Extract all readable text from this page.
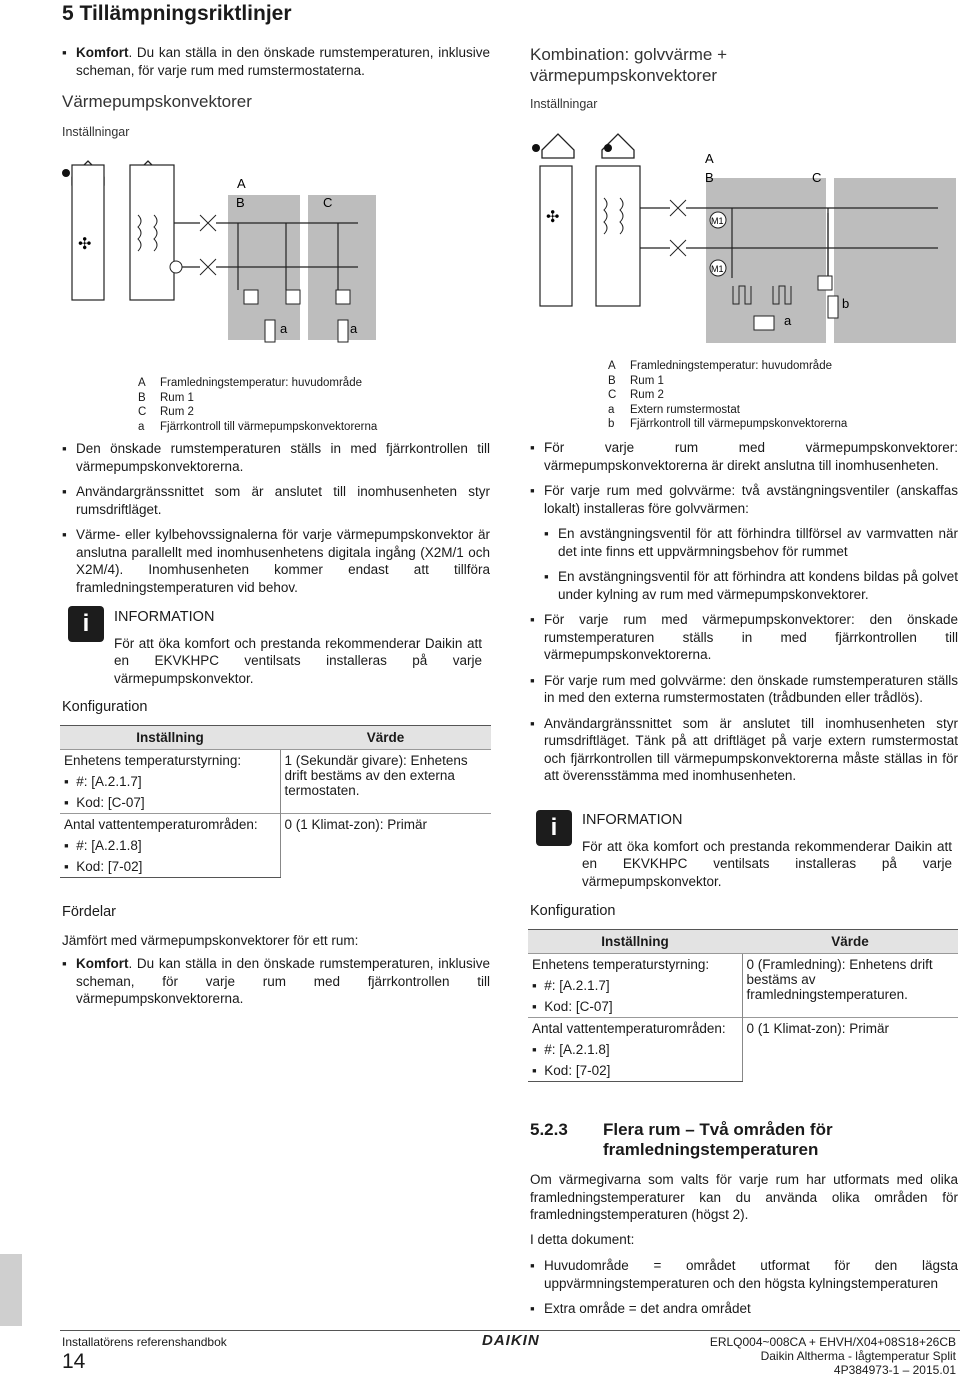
5 Tillämpningsriktlinjer
▪ Komfort. Du kan ställa in den önskade rumstemperaturen, inklusive scheman, för varje rum med rumstermostaterna.
Värmepumpskonvektorer
Inställningar
✣
A
B	C
a	a
A Framledningstemperatur: huvudområde
B Rum 1
C Rum 2
a Fjärrkontroll till värmepumpskonvektorerna
▪ Den önskade rumstemperaturen ställs in med fjärrkontrollen till värmepumpskonvektorerna.
▪ Användargränssnittet som är anslutet till inomhusenheten styr rumsdriftläget.
▪ Värme- eller kylbehovssignalerna för varje värmepumpskonvektor är anslutna parallellt med inomhusenhetens digitala ingång (X2M/1 och X2M/4). Inomhusenheten kommer endast att tillföra framledningstemperaturen vid behov.
i	INFORMATION
För att öka komfort och prestanda rekommenderar Daikin att en EKVKHPC ventilsats installeras på varje värmepumpskonvektor.
Konfiguration
Inställning	Värde
Enhetens temperaturstyrning:	1 (Sekundär givare): Enhetens drift bestäms av den externa termostaten.
▪  #: [A.2.1.7]	
▪  Kod: [C-07]	
Antal vattentemperaturområden:	0 (1 Klimat-zon): Primär
▪  #: [A.2.1.8]	
▪  Kod: [7-02]	
Fördelar
Jämfört med värmepumpskonvektorer för ett rum:
▪ Komfort. Du kan ställa in den önskade rumstemperaturen, inklusive scheman, för varje rum med fjärrkontrollen till värmepumpskonvektorerna.
Kombination: golvvärme + värmepumpskonvektorer
Inställningar
✣	M1
M1
A
B	C
a
b
A Framledningstemperatur: huvudområde
B Rum 1
C Rum 2
a Extern rumstermostat
b Fjärrkontroll till värmepumpskonvektorerna
▪ För varje rum med värmepumpskonvektorer: värmepumpskonvektorerna är direkt anslutna till inomhusenheten.
▪ För varje rum med golvvärme: två avstängningsventiler (anskaffas lokalt) installeras före golvvärmen:
▪ En avstängningsventil för att förhindra tillförsel av varmvatten när det inte finns ett uppvärmningsbehov för rummet
▪ En avstängningsventil för att förhindra att kondens bildas på golvet under kylning av rum med värmepumpskonvektorer.
▪ För varje rum med värmepumpskonvektorer: den önskade rumstemperaturen ställs in med fjärrkontrollen till värmepumpskonvektorerna.
▪ För varje rum med golvvärme: den önskade rumstemperaturen ställs in med den externa rumstermostaten (trådbunden eller trådlös).
▪ Användargränssnittet som är anslutet till inomhusenheten styr rumsdriftläget. Tänk på att driftläget på varje extern rumstermostat och fjärrkontrollen till värmepumpskonvektorerna måste ställas in för att överensstämma med inomhusenheten.
i	INFORMATION
För att öka komfort och prestanda rekommenderar Daikin att en EKVKHPC ventilsats installeras på varje värmepumpskonvektor.
Konfiguration
Inställning	Värde
Enhetens temperaturstyrning:	0 (Framledning): Enhetens drift bestäms av framledningstemperaturen.
▪  #: [A.2.1.7]	
▪  Kod: [C-07]	
Antal vattentemperaturområden:	0 (1 Klimat-zon): Primär
▪  #: [A.2.1.8]	
▪  Kod: [7-02]	
5.2.3 Flera rum – Två områden för framledningstemperaturen
Om värmegivarna som valts för varje rum har utformats med olika framledningstemperaturer kan du använda olika områden för framledningstemperaturen (högst 2).
I detta dokument:
▪ Huvudområde = området utformat för den lägsta uppvärmningstemperaturen och den högsta kylningstemperaturen
▪ Extra område = det andra området
Installatörens referenshandbok
14
DAIKIN	ERLQ004~008CA + EHVH/X04+08S18+26CB
Daikin Altherma - lågtemperatur Split
4P384973-1 – 2015.01
